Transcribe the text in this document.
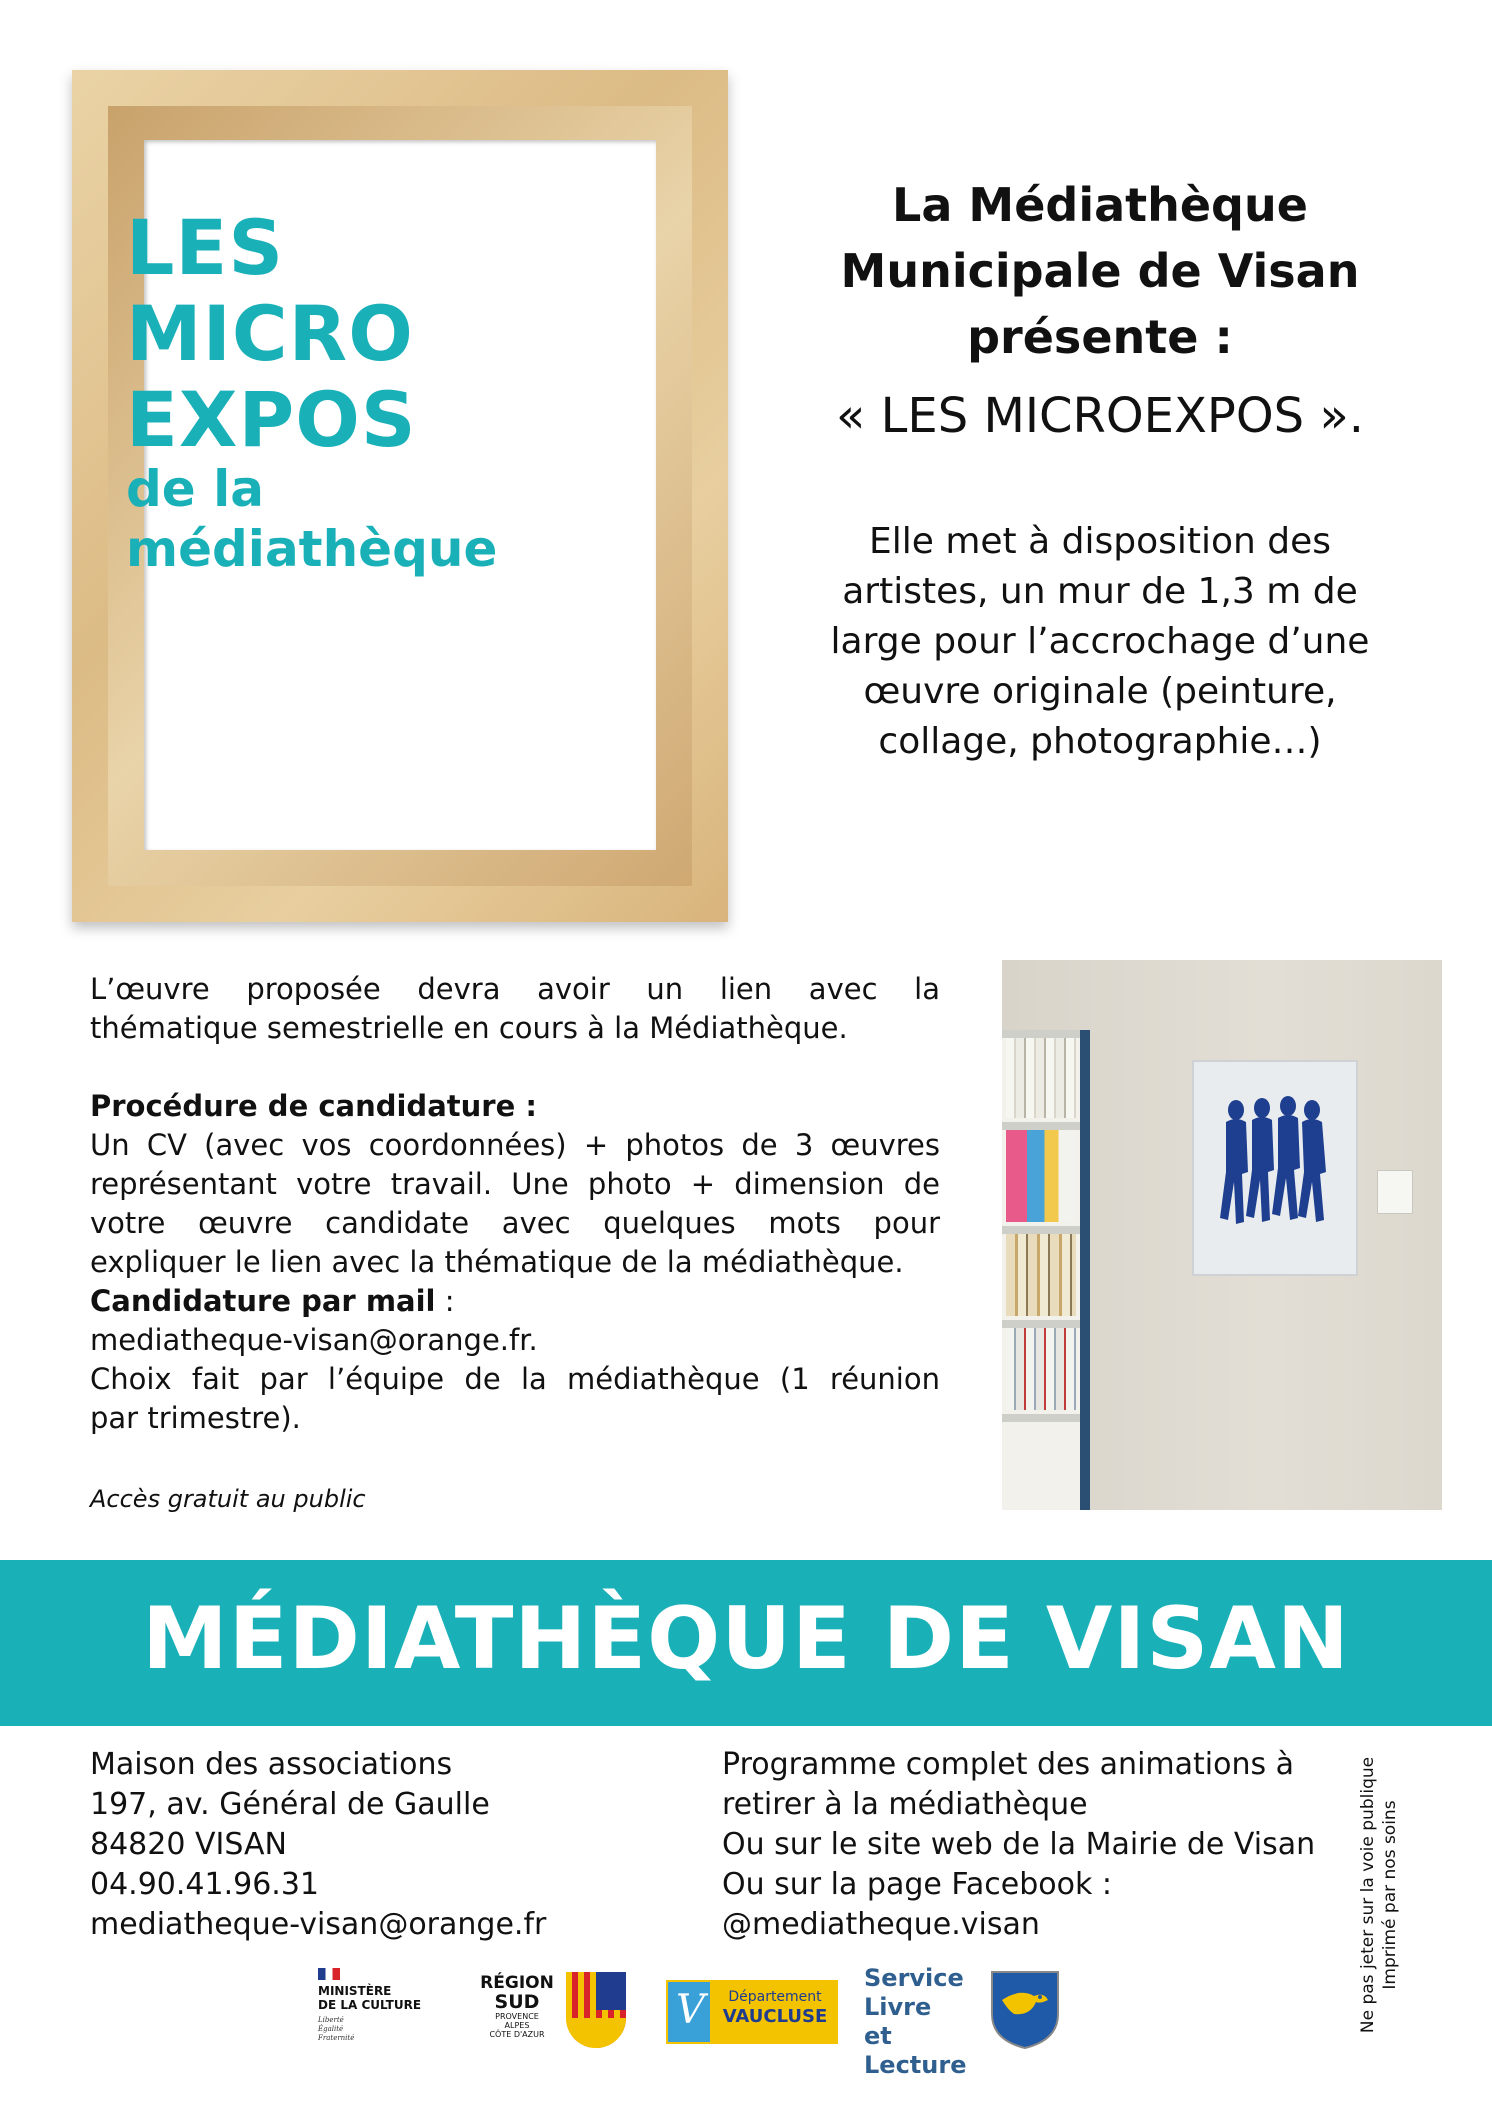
LES
MICRO
EXPOS
de la
médiathèque
La Médiathèque
Municipale de Visan
présente :
« LES MICROEXPOS ».
Elle met à disposition des
artistes, un mur de 1,3 m de
large pour l’accrochage d’une
œuvre originale (peinture,
collage, photographie…)
L’œuvre proposée devra avoir un lien avec la
thématique semestrielle en cours à la Médiathèque.
Procédure de candidature :
Un CV (avec vos coordonnées) + photos de 3 œuvres
représentant votre travail. Une photo + dimension de
votre œuvre candidate avec quelques mots pour
expliquer le lien avec la thématique de la médiathèque.
Candidature par mail :
mediatheque-visan@orange.fr.
Choix fait par l’équipe de la médiathèque (1 réunion
par trimestre).
Accès gratuit au public
MÉDIATHÈQUE DE VISAN
Maison des associations
197, av. Général de Gaulle
84820 VISAN
04.90.41.96.31
mediatheque-visan@orange.fr
Programme complet des animations à
retirer à la médiathèque
Ou sur le site web de la Mairie de Visan
Ou sur la page Facebook :
@mediatheque.visan	Ne pas jeter sur la voie publique Imprimé par nos soins
MINISTÈRE
DE LA CULTURE
Liberté
Égalité
Fraternité
RÉGION
SUD
PROVENCE
ALPES
CÔTE D'AZUR
V	Département
VAUCLUSE
Service
Livre et
Lecture
